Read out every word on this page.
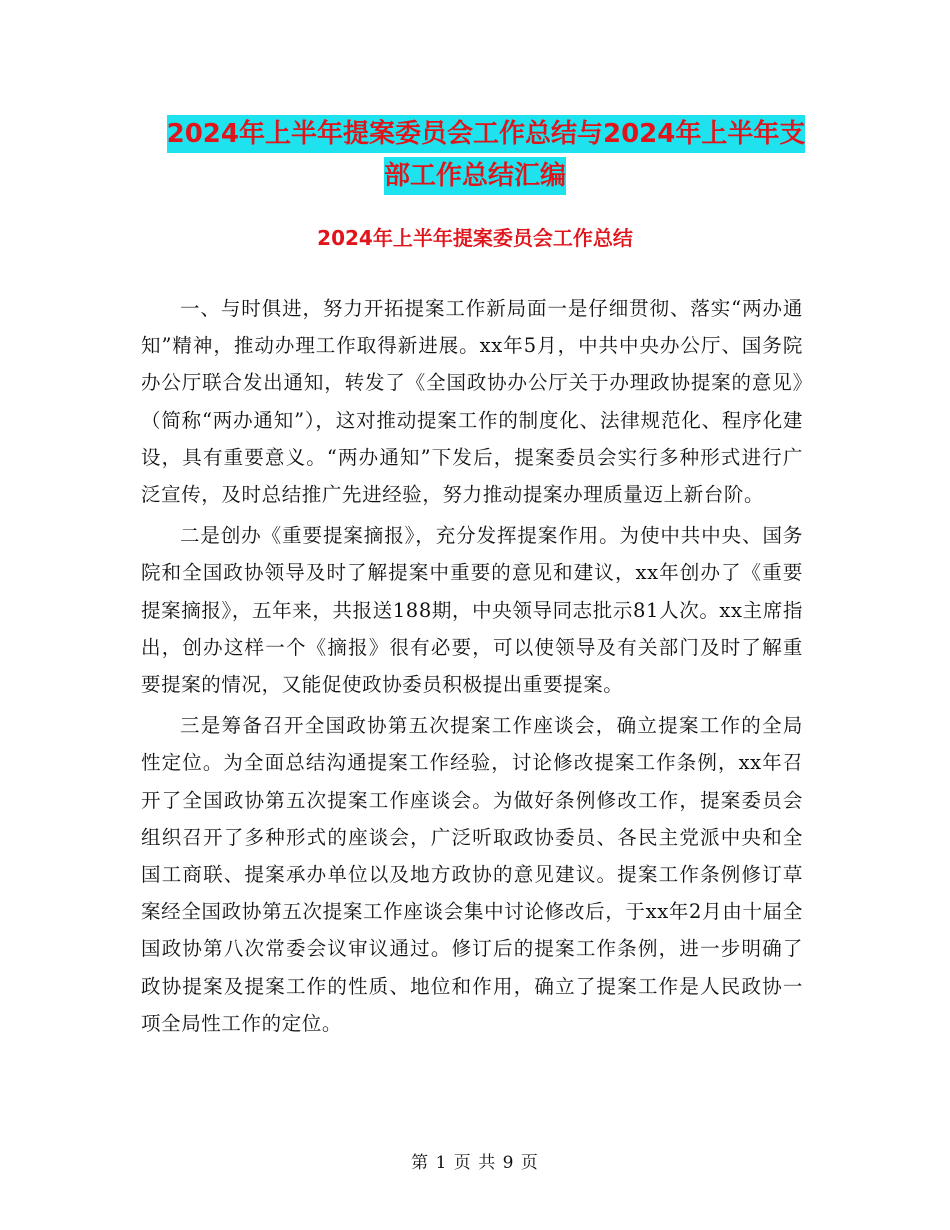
2024年上半年提案委员会工作总结与2024年上半年支
部工作总结汇编
2024年上半年提案委员会工作总结

一、与时俱进，努力开拓提案工作新局面一是仔细贯彻、落实“两办通知”精神，推动办理工作取得新进展。xx年5月，中共中央办公厅、国务院办公厅联合发出通知，转发了《全国政协办公厅关于办理政协提案的意见》（简称“两办通知”），这对推动提案工作的制度化、法律规范化、程序化建设，具有重要意义。“两办通知”下发后，提案委员会实行多种形式进行广泛宣传，及时总结推广先进经验，努力推动提案办理质量迈上新台阶。

二是创办《重要提案摘报》，充分发挥提案作用。为使中共中央、国务院和全国政协领导及时了解提案中重要的意见和建议，xx年创办了《重要提案摘报》，五年来，共报送188期，中央领导同志批示81人次。xx主席指出，创办这样一个《摘报》很有必要，可以使领导及有关部门及时了解重要提案的情况，又能促使政协委员积极提出重要提案。

三是筹备召开全国政协第五次提案工作座谈会，确立提案工作的全局性定位。为全面总结沟通提案工作经验，讨论修改提案工作条例，xx年召开了全国政协第五次提案工作座谈会。为做好条例修改工作，提案委员会组织召开了多种形式的座谈会，广泛听取政协委员、各民主党派中央和全国工商联、提案承办单位以及地方政协的意见建议。提案工作条例修订草案经全国政协第五次提案工作座谈会集中讨论修改后，于xx年2月由十届全国政协第八次常委会议审议通过。修订后的提案工作条例，进一步明确了政协提案及提案工作的性质、地位和作用，确立了提案工作是人民政协一项全局性工作的定位。

第 1 页 共 9 页
